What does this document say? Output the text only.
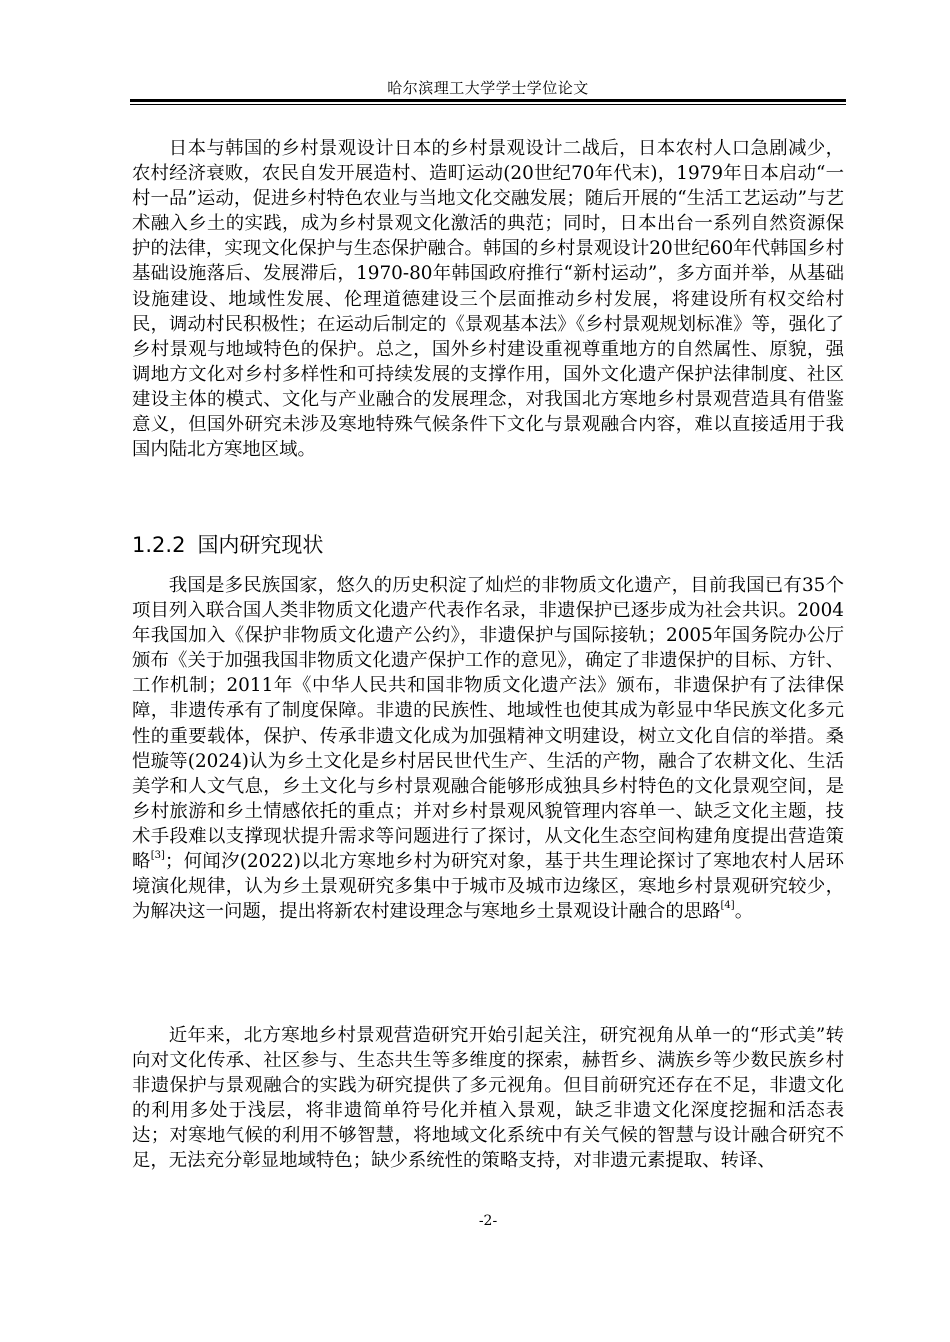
哈尔滨理工大学学士学位论文

日本与韩国的乡村景观设计日本的乡村景观设计二战后，日本农村人口急剧减少，农村经济衰败，农民自发开展造村、造町运动(20世纪70年代末)，1979年日本启动“一村一品”运动，促进乡村特色农业与当地文化交融发展；随后开展的“生活工艺运动”与艺术融入乡土的实践，成为乡村景观文化激活的典范；同时，日本出台一系列自然资源保护的法律，实现文化保护与生态保护融合。韩国的乡村景观设计20世纪60年代韩国乡村基础设施落后、发展滞后，1970-80年韩国政府推行“新村运动”，多方面并举，从基础设施建设、地域性发展、伦理道德建设三个层面推动乡村发展，将建设所有权交给村民，调动村民积极性；在运动后制定的《景观基本法》《乡村景观规划标准》等，强化了乡村景观与地域特色的保护。总之，国外乡村建设重视尊重地方的自然属性、原貌，强调地方文化对乡村多样性和可持续发展的支撑作用，国外文化遗产保护法律制度、社区建设主体的模式、文化与产业融合的发展理念，对我国北方寒地乡村景观营造具有借鉴意义，但国外研究未涉及寒地特殊气候条件下文化与景观融合内容，难以直接适用于我国内陆北方寒地区域。

1.2.2 国内研究现状

我国是多民族国家，悠久的历史积淀了灿烂的非物质文化遗产，目前我国已有35个项目列入联合国人类非物质文化遗产代表作名录，非遗保护已逐步成为社会共识。2004年我国加入《保护非物质文化遗产公约》，非遗保护与国际接轨；2005年国务院办公厅颁布《关于加强我国非物质文化遗产保护工作的意见》，确定了非遗保护的目标、方针、工作机制；2011年《中华人民共和国非物质文化遗产法》颁布，非遗保护有了法律保障，非遗传承有了制度保障。非遗的民族性、地域性也使其成为彰显中华民族文化多元性的重要载体，保护、传承非遗文化成为加强精神文明建设，树立文化自信的举措。桑恺璇等(2024)认为乡土文化是乡村居民世代生产、生活的产物，融合了农耕文化、生活美学和人文气息，乡土文化与乡村景观融合能够形成独具乡村特色的文化景观空间，是乡村旅游和乡土情感依托的重点；并对乡村景观风貌管理内容单一、缺乏文化主题，技术手段难以支撑现状提升需求等问题进行了探讨，从文化生态空间构建角度提出营造策略[3]；何闻汐(2022)以北方寒地乡村为研究对象，基于共生理论探讨了寒地农村人居环境演化规律，认为乡土景观研究多集中于城市及城市边缘区，寒地乡村景观研究较少，为解决这一问题，提出将新农村建设理念与寒地乡土景观设计融合的思路[4]。

近年来，北方寒地乡村景观营造研究开始引起关注，研究视角从单一的“形式美”转向对文化传承、社区参与、生态共生等多维度的探索，赫哲乡、满族乡等少数民族乡村非遗保护与景观融合的实践为研究提供了多元视角。但目前研究还存在不足，非遗文化的利用多处于浅层，将非遗简单符号化并植入景观，缺乏非遗文化深度挖掘和活态表达；对寒地气候的利用不够智慧，将地域文化系统中有关气候的智慧与设计融合研究不足，无法充分彰显地域特色；缺少系统性的策略支持，对非遗元素提取、转译、

-2-
